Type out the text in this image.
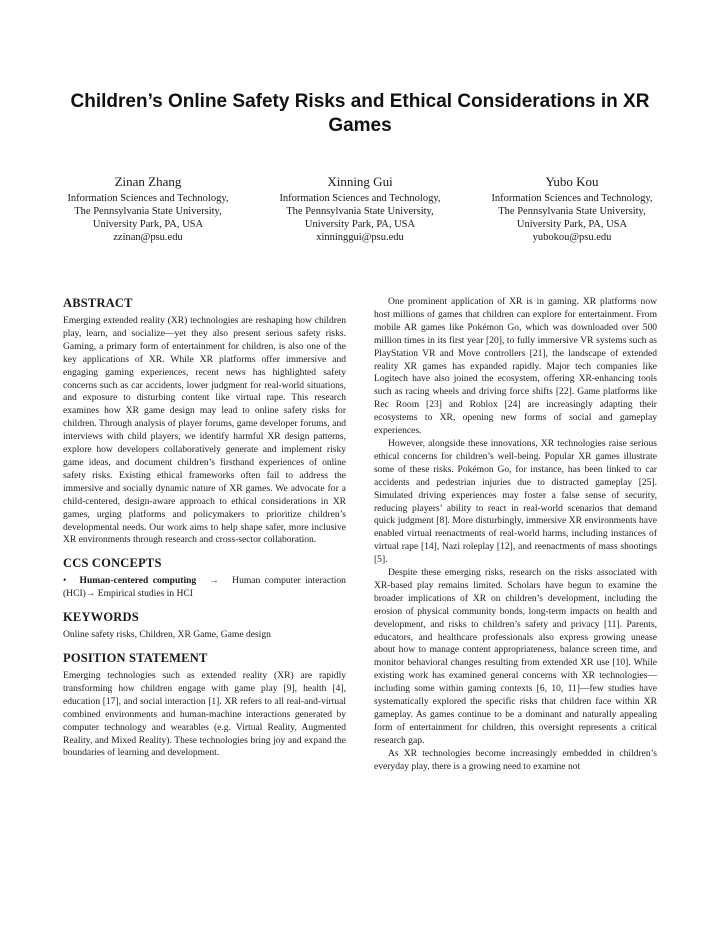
Children’s Online Safety Risks and Ethical Considerations in XR Games
Zinan Zhang
Information Sciences and Technology, The Pennsylvania State University,
University Park, PA, USA
zzinan@psu.edu
Xinning Gui
Information Sciences and Technology, The Pennsylvania State University,
University Park, PA, USA
xinninggui@psu.edu
Yubo Kou
Information Sciences and Technology, The Pennsylvania State University,
University Park, PA, USA
yubokou@psu.edu
ABSTRACT

Emerging extended reality (XR) technologies are reshaping how children play, learn, and socialize—yet they also present serious safety risks. Gaming, a primary form of entertainment for children, is also one of the key applications of XR. While XR platforms offer immersive and engaging gaming experiences, recent news has highlighted safety concerns such as car accidents, lower judgment for real-world situations, and exposure to disturbing content like virtual rape. This research examines how XR game design may lead to online safety risks for children. Through analysis of player forums, game developer forums, and interviews with child players, we identify harmful XR design patterns, explore how developers collaboratively generate and implement risky game ideas, and document children’s firsthand experiences of online safety risks. Existing ethical frameworks often fail to address the immersive and socially dynamic nature of XR games. We advocate for a child-centered, design-aware approach to ethical considerations in XR games, urging platforms and policymakers to prioritize children’s developmental needs. Our work aims to help shape safer, more inclusive XR environments through research and cross-sector collaboration.

CCS CONCEPTS

• Human-centered computing → Human computer interaction (HCI)→ Empirical studies in HCI

KEYWORDS

Online safety risks, Children, XR Game, Game design

POSITION STATEMENT

Emerging technologies such as extended reality (XR) are rapidly transforming how children engage with game play [9], health [4], education [17], and social interaction [1]. XR refers to all real-and-virtual combined environments and human-machine interactions generated by computer technology and wearables (e.g. Virtual Reality, Augmented Reality, and Mixed Reality). These technologies bring joy and expand the boundaries of learning and development.

One prominent application of XR is in gaming. XR platforms now host millions of games that children can explore for entertainment. From mobile AR games like Pokémon Go, which was downloaded over 500 million times in its first year [20], to fully immersive VR systems such as PlayStation VR and Move controllers [21], the landscape of extended reality XR games has expanded rapidly. Major tech companies like Logitech have also joined the ecosystem, offering XR-enhancing tools such as racing wheels and driving force shifts [22]. Game platforms like Rec Room [23] and Roblox [24] are increasingly adapting their ecosystems to XR, opening new forms of social and gameplay experiences.

However, alongside these innovations, XR technologies raise serious ethical concerns for children’s well-being. Popular XR games illustrate some of these risks. Pokémon Go, for instance, has been linked to car accidents and pedestrian injuries due to distracted gameplay [25]. Simulated driving experiences may foster a false sense of security, reducing players’ ability to react in real-world scenarios that demand quick judgment [8]. More disturbingly, immersive XR environments have enabled virtual reenactments of real-world harms, including instances of virtual rape [14], Nazi roleplay [12], and reenactments of mass shootings [5].

Despite these emerging risks, research on the risks associated with XR-based play remains limited. Scholars have begun to examine the broader implications of XR on children’s development, including the erosion of physical community bonds, long-term impacts on health and development, and risks to children’s safety and privacy [11]. Parents, educators, and healthcare professionals also express growing unease about how to manage content appropriateness, balance screen time, and monitor behavioral changes resulting from extended XR use [10]. While existing work has examined general concerns with XR technologies—including some within gaming contexts [6, 10, 11]—few studies have systematically explored the specific risks that children face within XR gameplay. As games continue to be a dominant and naturally appealing form of entertainment for children, this oversight represents a critical research gap.

As XR technologies become increasingly embedded in children’s everyday play, there is a growing need to examine not
